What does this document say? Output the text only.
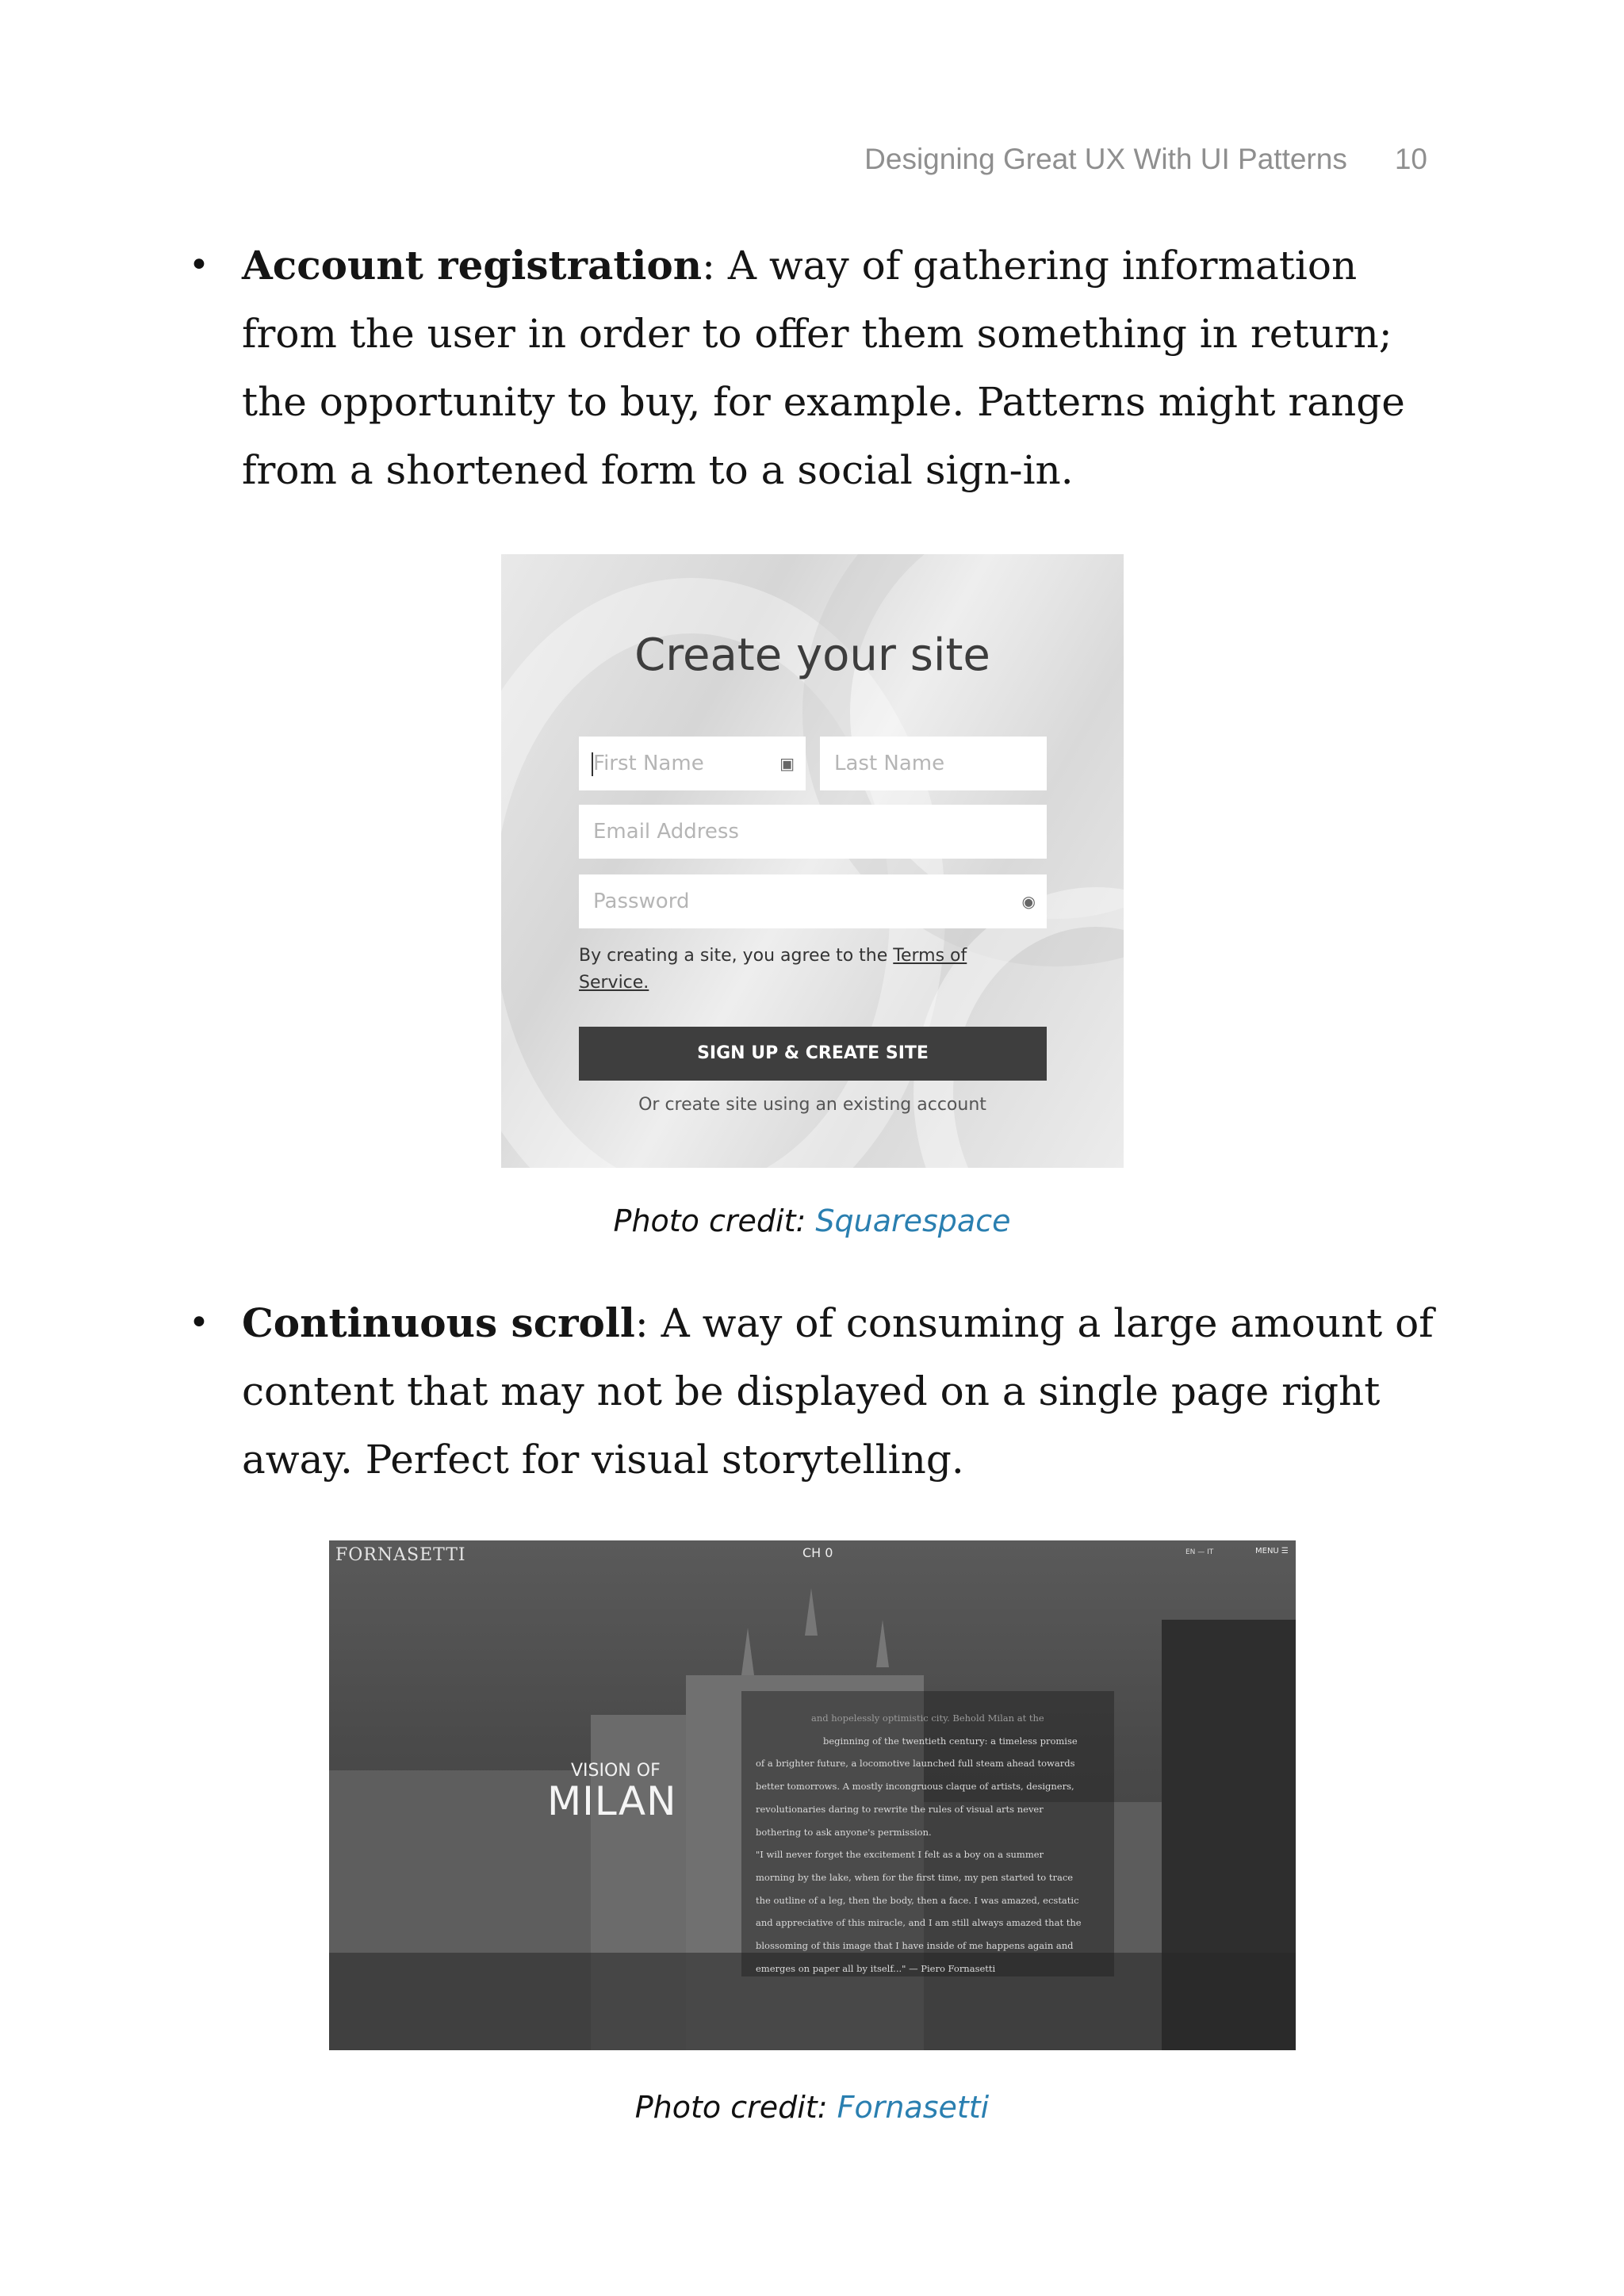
Designing Great UX With UI Patterns 10
• Account registration: A way of gathering information from the user in order to offer them something in return; the opportunity to buy, for example. Patterns might range from a shortened form to a social sign-in.
Create your site
First Name	▣	Last Name
Email Address
Password	◉
By creating a site, you agree to the Terms of Service.
SIGN UP & CREATE SITE
Or create site using an existing account
Photo credit: Squarespace
• Continuous scroll: A way of consuming a large amount of content that may not be displayed on a single page right away. Perfect for visual storytelling.
FORNASETTI	CH 0	EN — IT	MENU ☰
VISION OF
MILAN

and hopelessly optimistic city. Behold Milan at the

beginning of the twentieth century: a timeless promise

of a brighter future, a locomotive launched full steam ahead towards

better tomorrows. A mostly incongruous claque of artists, designers,

revolutionaries daring to rewrite the rules of visual arts never

bothering to ask anyone's permission.

"I will never forget the excitement I felt as a boy on a summer

morning by the lake, when for the first time, my pen started to trace

the outline of a leg, then the body, then a face. I was amazed, ecstatic

and appreciative of this miracle, and I am still always amazed that the

blossoming of this image that I have inside of me happens again and

emerges on paper all by itself..." — Piero Fornasetti

Photo credit: Fornasetti
